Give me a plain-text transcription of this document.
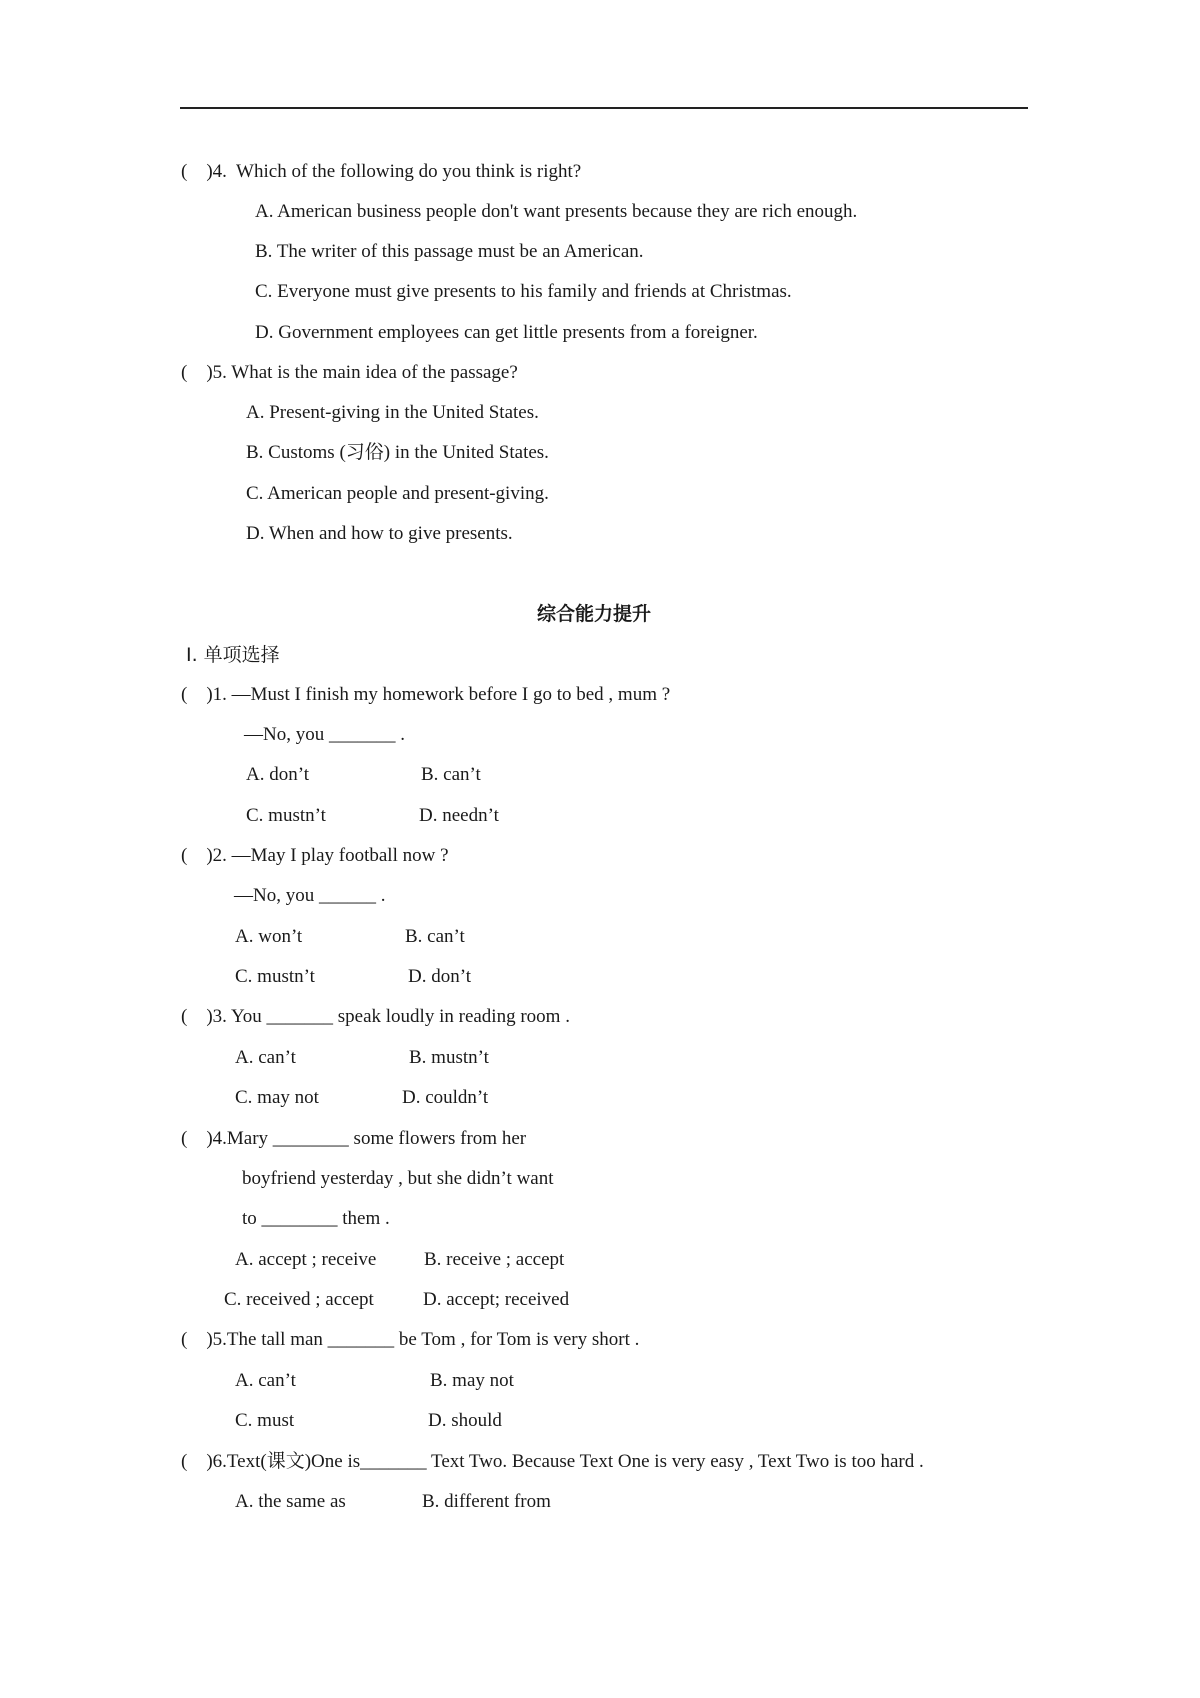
(    )4.  Which of the following do you think is right?
A. American business people don't want presents because they are rich enough.
B. The writer of this passage must be an American.
C. Everyone must give presents to his family and friends at Christmas.
D. Government employees can get little presents from a foreigner.
(    )5. What is the main idea of the passage?
A. Present-giving in the United States.
B. Customs (习俗) in the United States.
C. American people and present-giving.
D. When and how to give presents.
综合能力提升
Ⅰ. 单项选择
(    )1. —Must I finish my homework before I go to bed , mum ?
—No, you _______ .
A. don’t	B. can’t
C. mustn’t	D. needn’t
(    )2. —May I play football now ?
—No, you ______ .
A. won’t	B. can’t
C. mustn’t	D. don’t
(    )3. You _______ speak loudly in reading room .
A. can’t	B. mustn’t
C. may not	D. couldn’t
(    )4.Mary ________ some flowers from her
boyfriend yesterday , but she didn’t want
to ________ them .
A. accept ; receive	B. receive ; accept
C. received ; accept	D. accept; received
(    )5.The tall man _______ be Tom , for Tom is very short .
A. can’t	B. may not
C. must	D. should
(    )6.Text(课文)One is_______ Text Two. Because Text One is very easy , Text Two is too hard .
A. the same as	B. different from
